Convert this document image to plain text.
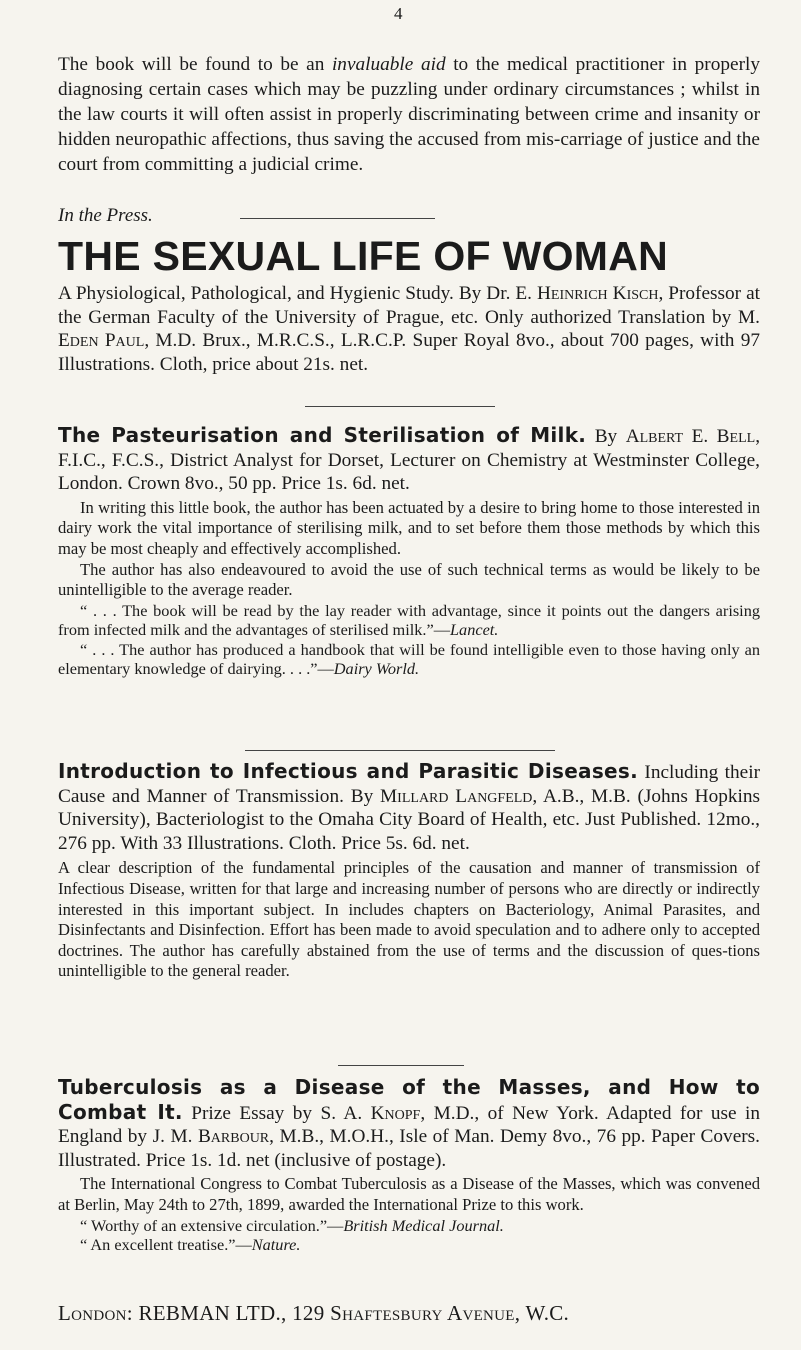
4

The book will be found to be an invaluable aid to the medical practitioner in properly diagnosing certain cases which may be puzzling under ordinary circumstances ; whilst in the law courts it will often assist in properly discriminating between crime and insanity or hidden neuropathic affections, thus saving the accused from mis-carriage of justice and the court from committing a judicial crime.

In the Press.
THE SEXUAL LIFE OF WOMAN

A Physiological, Pathological, and Hygienic Study. By Dr. E. Heinrich Kisch, Professor at the German Faculty of the University of Prague, etc. Only authorized Translation by M. Eden Paul, M.D. Brux., M.R.C.S., L.R.C.P. Super Royal 8vo., about 700 pages, with 97 Illustrations. Cloth, price about 21s. net.

The Pasteurisation and Sterilisation of Milk. By Albert E. Bell, F.I.C., F.C.S., District Analyst for Dorset, Lecturer on Chemistry at Westminster College, London. Crown 8vo., 50 pp. Price 1s. 6d. net.

In writing this little book, the author has been actuated by a desire to bring home to those interested in dairy work the vital importance of sterilising milk, and to set before them those methods by which this may be most cheaply and effectively accomplished.

The author has also endeavoured to avoid the use of such technical terms as would be likely to be unintelligible to the average reader.

“ . . . The book will be read by the lay reader with advantage, since it points out the dangers arising from infected milk and the advantages of sterilised milk.”—Lancet.

“ . . . The author has produced a handbook that will be found intelligible even to those having only an elementary knowledge of dairying. . . .”—Dairy World.

Introduction to Infectious and Parasitic Diseases. Including their Cause and Manner of Transmission. By Millard Langfeld, A.B., M.B. (Johns Hopkins University), Bacteriologist to the Omaha City Board of Health, etc. Just Published. 12mo., 276 pp. With 33 Illustrations. Cloth. Price 5s. 6d. net.

A clear description of the fundamental principles of the causation and manner of transmission of Infectious Disease, written for that large and increasing number of persons who are directly or indirectly interested in this important subject. In includes chapters on Bacteriology, Animal Parasites, and Disinfectants and Disinfection. Effort has been made to avoid speculation and to adhere only to accepted doctrines. The author has carefully abstained from the use of terms and the discussion of ques-tions unintelligible to the general reader.

Tuberculosis as a Disease of the Masses, and How to Combat It. Prize Essay by S. A. Knopf, M.D., of New York. Adapted for use in England by J. M. Barbour, M.B., M.O.H., Isle of Man. Demy 8vo., 76 pp. Paper Covers. Illustrated. Price 1s. 1d. net (inclusive of postage).

The International Congress to Combat Tuberculosis as a Disease of the Masses, which was convened at Berlin, May 24th to 27th, 1899, awarded the International Prize to this work.

“ Worthy of an extensive circulation.”—British Medical Journal.

“ An excellent treatise.”—Nature.

London: REBMAN LTD., 129 Shaftesbury Avenue, W.C.
